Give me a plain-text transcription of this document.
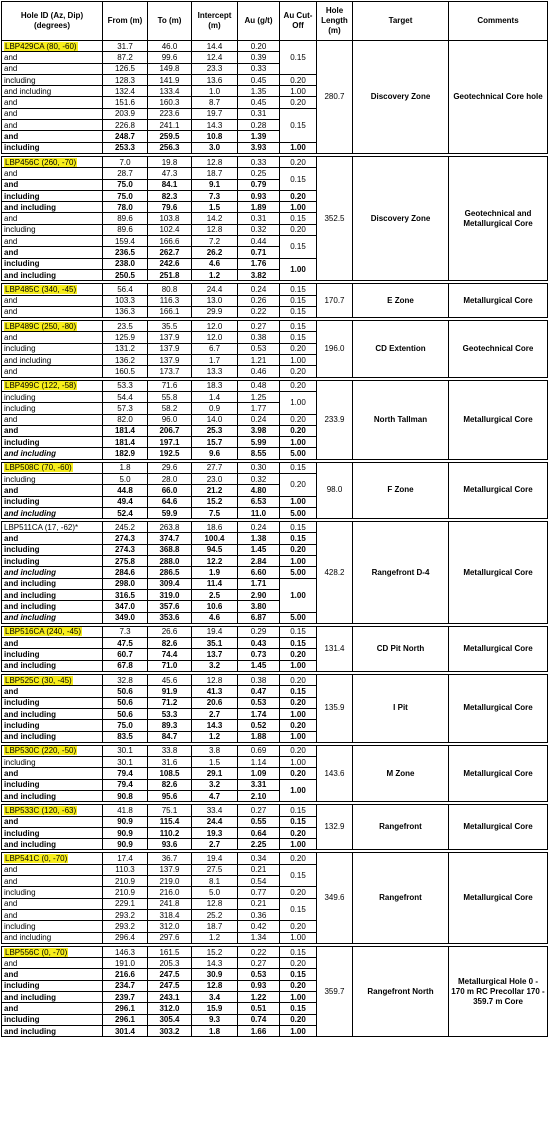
Hole ID (Az, Dip) (degrees)	From (m)	To (m)	Intercept (m)	Au (g/t)	Au Cut-Off	Hole Length (m)	Target	Comments
LBP429CA (80, -60)	31.7	46.0	14.4	0.20	0.15	280.7	Discovery Zone	Geotechnical Core hole
and	87.2	99.6	12.4	0.39				
and	126.5	149.8	23.3	0.33				
including	128.3	141.9	13.6	0.45	0.20			
and including	132.4	133.4	1.0	1.35	1.00			
and	151.6	160.3	8.7	0.45	0.20			
and	203.9	223.6	19.7	0.31	0.15			
and	226.8	241.1	14.3	0.28				
and	248.7	259.5	10.8	1.39				
including	253.3	256.3	3.0	3.93	1.00			

LBP456C (260, -70)	7.0	19.8	12.8	0.33	0.20	352.5	Discovery Zone	Geotechnical and Metallurgical Core
and	28.7	47.3	18.7	0.25	0.15			
and	75.0	84.1	9.1	0.79				
including	75.0	82.3	7.3	0.93	0.20			
and including	78.0	79.6	1.5	1.89	1.00			
and	89.6	103.8	14.2	0.31	0.15			
including	89.6	102.4	12.8	0.32	0.20			
and	159.4	166.6	7.2	0.44	0.15			
and	236.5	262.7	26.2	0.71				
including	238.0	242.6	4.6	1.76	1.00			
and including	250.5	251.8	1.2	3.82				

LBP485C (340, -45)	56.4	80.8	24.4	0.24	0.15	170.7	E Zone	Metallurgical Core
and	103.3	116.3	13.0	0.26	0.15			
and	136.3	166.1	29.9	0.22	0.15			

LBP489C (250, -80)	23.5	35.5	12.0	0.27	0.15	196.0	CD Extention	Geotechnical Core
and	125.9	137.9	12.0	0.38	0.15			
including	131.2	137.9	6.7	0.53	0.20			
and including	136.2	137.9	1.7	1.21	1.00			
and	160.5	173.7	13.3	0.46	0.20			

LBP499C (122, -58)	53.3	71.6	18.3	0.48	0.20	233.9	North Tallman	Metallurgical Core
including	54.4	55.8	1.4	1.25	1.00			
including	57.3	58.2	0.9	1.77				
and	82.0	96.0	14.0	0.24	0.20			
and	181.4	206.7	25.3	3.98	0.20			
including	181.4	197.1	15.7	5.99	1.00			
and including	182.9	192.5	9.6	8.55	5.00			

LBP508C (70, -60)	1.8	29.6	27.7	0.30	0.15	98.0	F Zone	Metallurgical Core
including	5.0	28.0	23.0	0.32	0.20			
and	44.8	66.0	21.2	4.80				
including	49.4	64.6	15.2	6.53	1.00			
and including	52.4	59.9	7.5	11.0	5.00			

LBP511CA (17, -62)*	245.2	263.8	18.6	0.24	0.15	428.2	Rangefront D-4	Metallurgical Core
and	274.3	374.7	100.4	1.38	0.15			
including	274.3	368.8	94.5	1.45	0.20			
including	275.8	288.0	12.2	2.84	1.00			
and including	284.6	286.5	1.9	6.60	5.00			
and including	298.0	309.4	11.4	1.71	1.00			
and including	316.5	319.0	2.5	2.90				
and including	347.0	357.6	10.6	3.80				
and including	349.0	353.6	4.6	6.87	5.00			

LBP516CA (240, -45)	7.3	26.6	19.4	0.29	0.15	131.4	CD Pit North	Metallurgical Core
and	47.5	82.6	35.1	0.43	0.15			
including	60.7	74.4	13.7	0.73	0.20			
and including	67.8	71.0	3.2	1.45	1.00			

LBP525C (30, -45)	32.8	45.6	12.8	0.38	0.20	135.9	I Pit	Metallurgical Core
and	50.6	91.9	41.3	0.47	0.15			
including	50.6	71.2	20.6	0.53	0.20			
and including	50.6	53.3	2.7	1.74	1.00			
including	75.0	89.3	14.3	0.52	0.20			
and including	83.5	84.7	1.2	1.88	1.00			

LBP530C (220, -50)	30.1	33.8	3.8	0.69	0.20	143.6	M Zone	Metallurgical Core
including	30.1	31.6	1.5	1.14	1.00			
and	79.4	108.5	29.1	1.09	0.20			
including	79.4	82.6	3.2	3.31	1.00			
and including	90.8	95.6	4.7	2.10				

LBP533C (120, -63)	41.8	75.1	33.4	0.27	0.15	132.9	Rangefront	Metallurgical Core
and	90.9	115.4	24.4	0.55	0.15			
including	90.9	110.2	19.3	0.64	0.20			
and including	90.9	93.6	2.7	2.25	1.00			

LBP541C (0, -70)	17.4	36.7	19.4	0.34	0.20	349.6	Rangefront	Metallurgical Core
and	110.3	137.9	27.5	0.21	0.15			
and	210.9	219.0	8.1	0.54				
including	210.9	216.0	5.0	0.77	0.20			
and	229.1	241.8	12.8	0.21	0.15			
and	293.2	318.4	25.2	0.36				
including	293.2	312.0	18.7	0.42	0.20			
and including	296.4	297.6	1.2	1.34	1.00			

LBP556C (0, -70)	146.3	161.5	15.2	0.22	0.15	359.7	Rangefront North	Metallurgical Hole 0 - 170 m RC Precollar 170 - 359.7 m Core
and	191.0	205.3	14.3	0.27	0.20			
and	216.6	247.5	30.9	0.53	0.15			
including	234.7	247.5	12.8	0.93	0.20			
and including	239.7	243.1	3.4	1.22	1.00			
and	296.1	312.0	15.9	0.51	0.15			
including	296.1	305.4	9.3	0.74	0.20			
and including	301.4	303.2	1.8	1.66	1.00			
